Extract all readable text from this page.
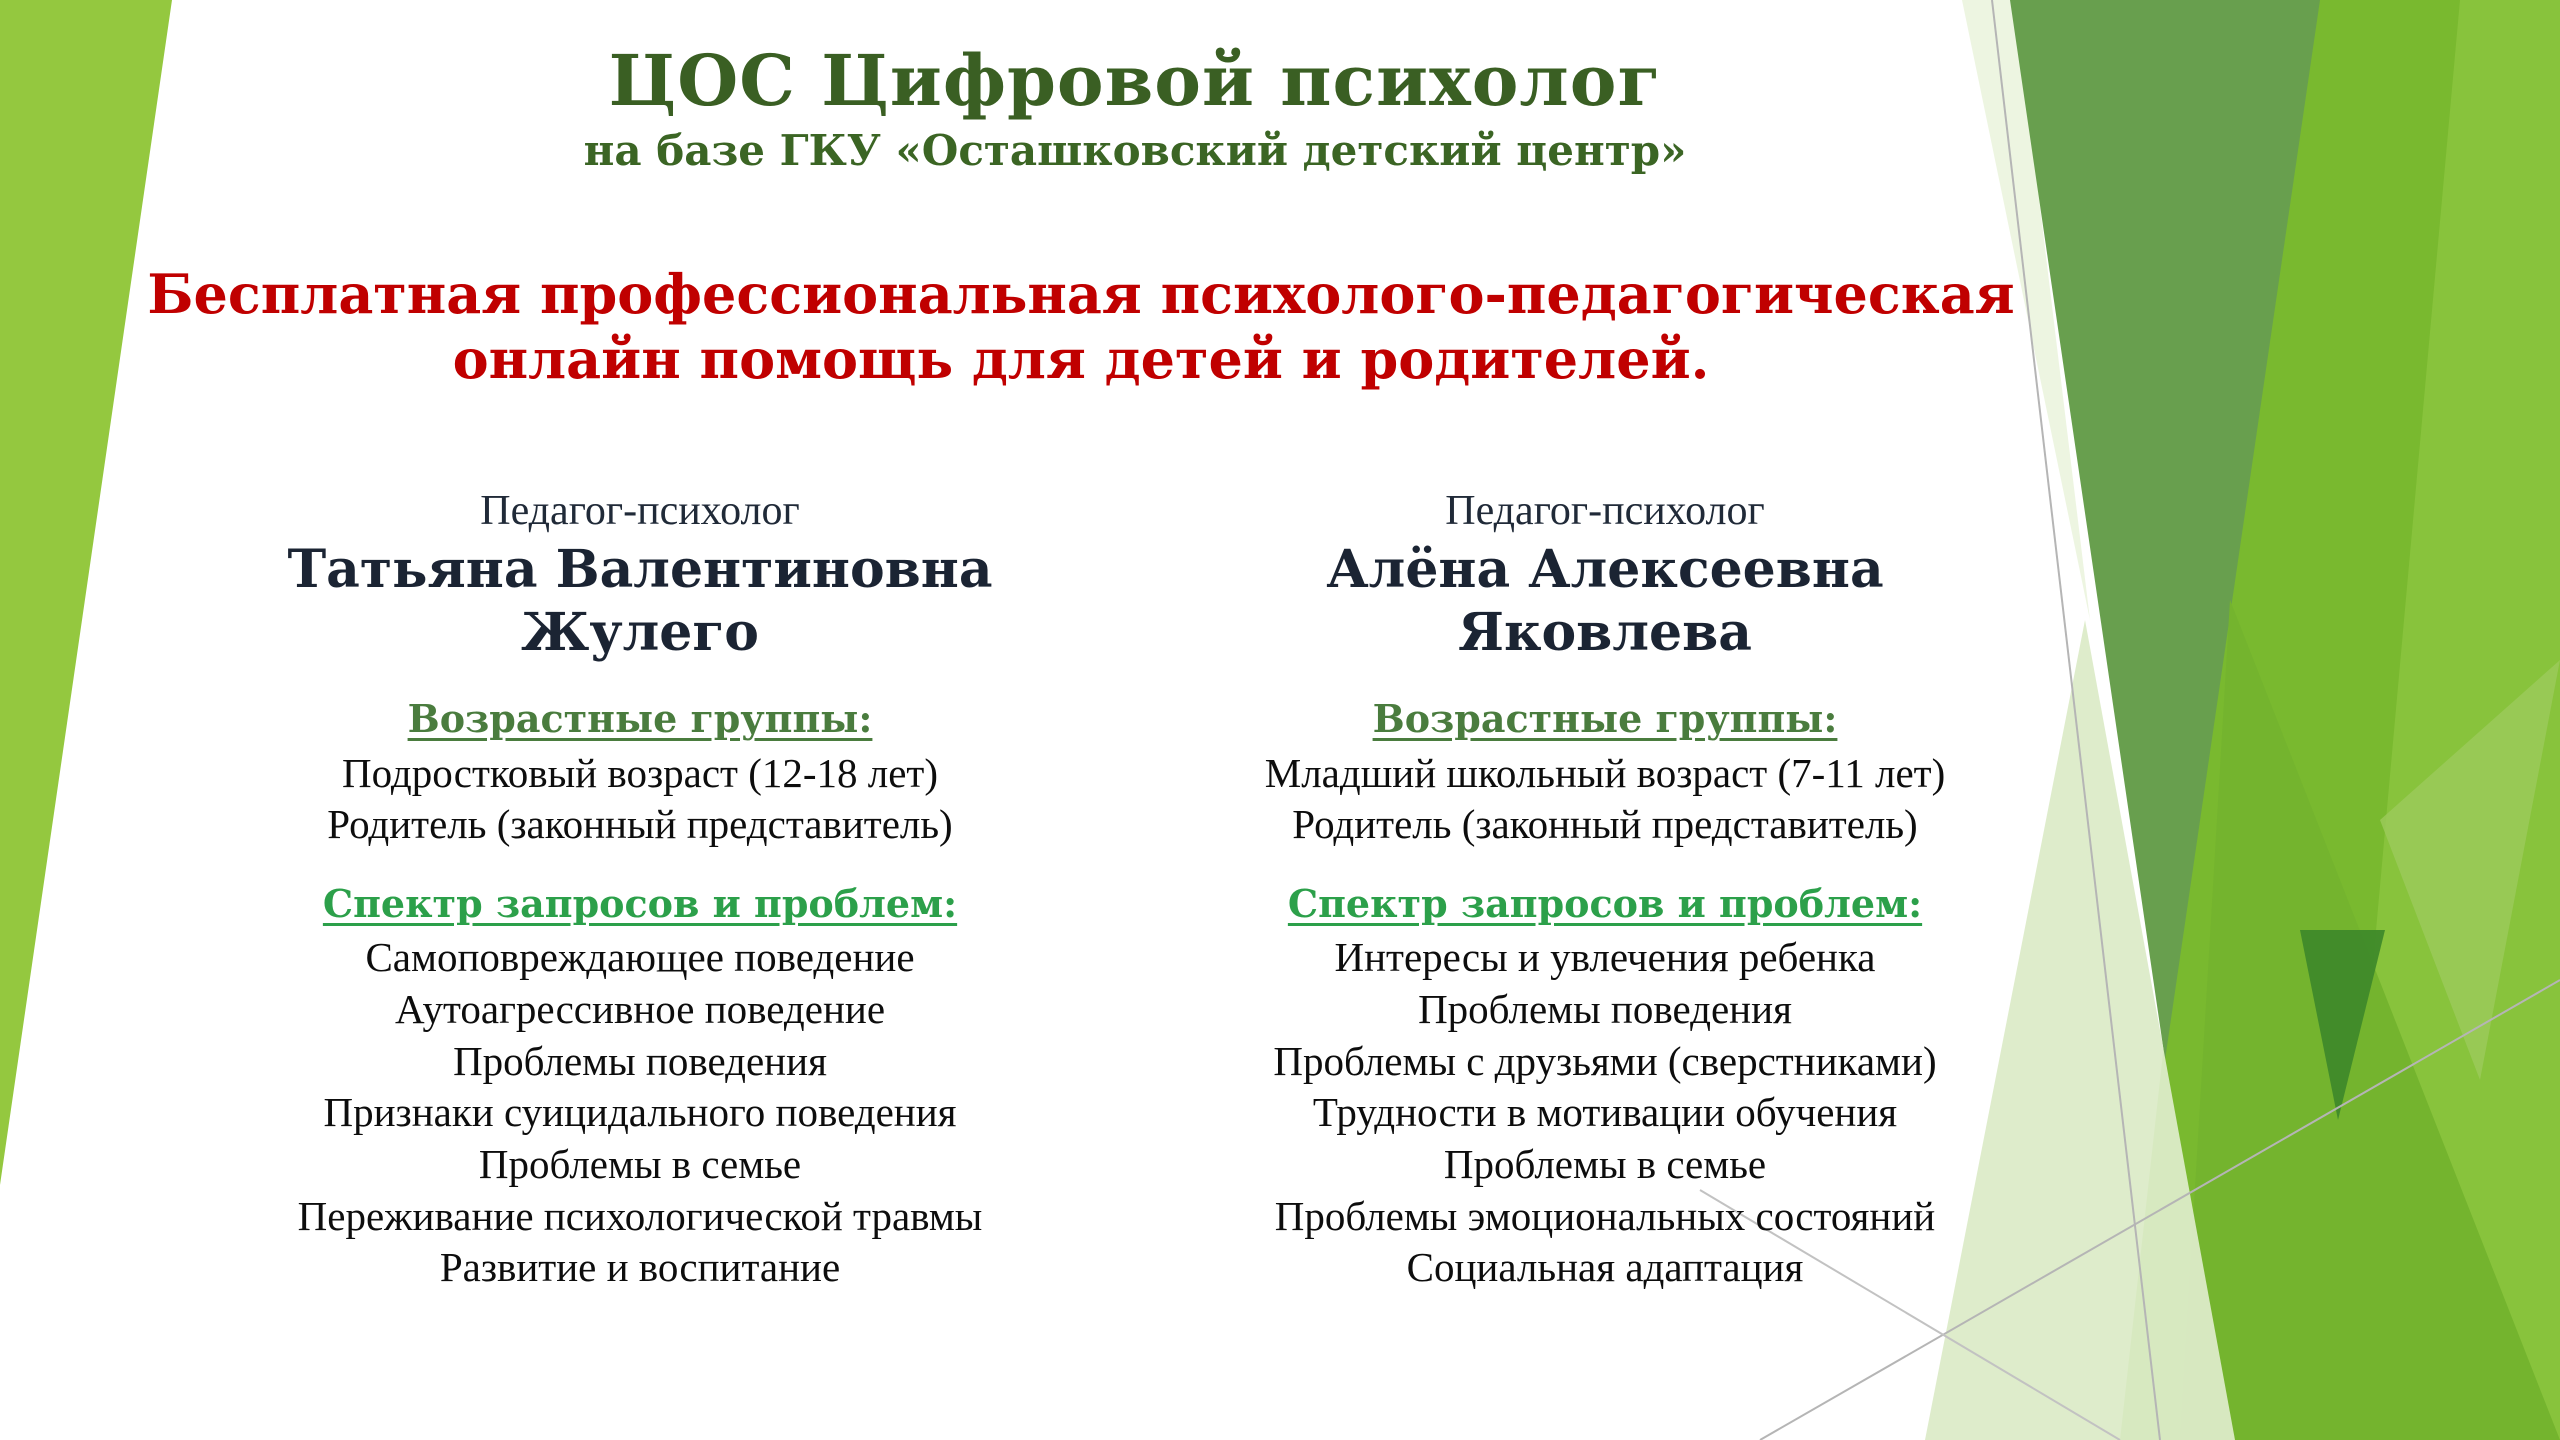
ЦОС Цифровой психолог
на базе ГКУ «Осташковский детский центр»
Бесплатная профессиональная психолого-педагогическая
онлайн помощь для детей и родителей.
Педагог-психолог
Татьяна Валентиновна
Жулего
Возрастные группы:
Подростковый возраст (12-18 лет)
Родитель (законный представитель)
Спектр запросов и проблем:
Самоповреждающее поведение
Аутоагрессивное поведение
Проблемы поведения
Признаки суицидального поведения
Проблемы в семье
Переживание психологической травмы
Развитие и воспитание
Педагог-психолог
Алёна Алексеевна
Яковлева
Возрастные группы:
Младший школьный возраст (7-11 лет)
Родитель (законный представитель)
Спектр запросов и проблем:
Интересы и увлечения ребенка
Проблемы поведения
Проблемы с друзьями (сверстниками)
Трудности в мотивации обучения
Проблемы в семье
Проблемы эмоциональных состояний
Социальная адаптация
